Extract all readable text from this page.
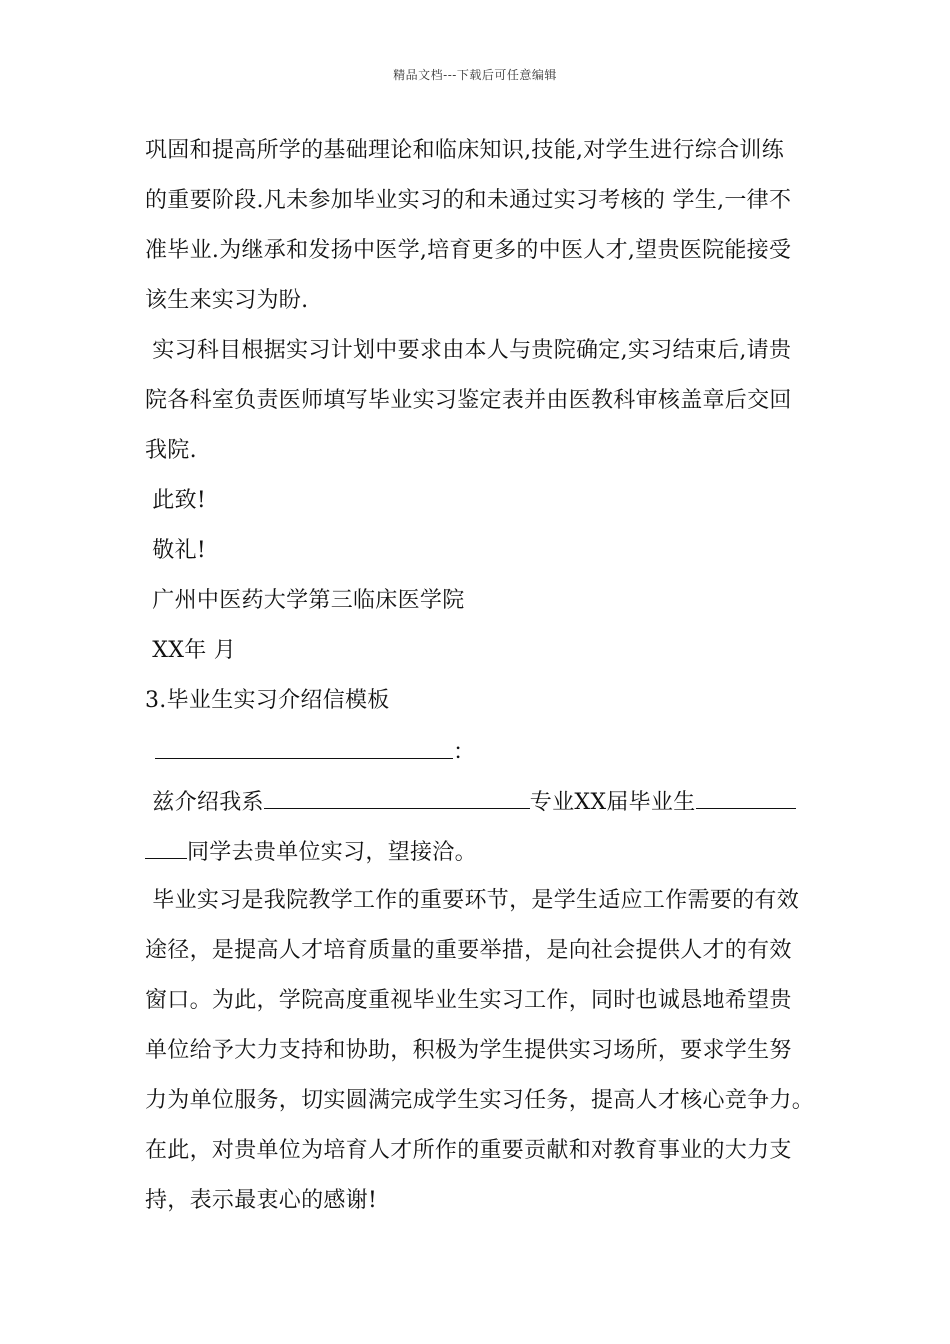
精品文档---下载后可任意编辑
巩固和提高所学的基础理论和临床知识,技能,对学生进行综合训练
的重要阶段.凡未参加毕业实习的和未通过实习考核的 学生,一律不
准毕业.为继承和发扬中医学,培育更多的中医人才,望贵医院能接受
该生来实习为盼.
实习科目根据实习计划中要求由本人与贵院确定,实习结束后,请贵
院各科室负责医师填写毕业实习鉴定表并由医教科审核盖章后交回
我院.
此致!
敬礼!
广州中医药大学第三临床医学院
XX年 月
3.毕业生实习介绍信模板
：
兹介绍我系	专业XX届毕业生
同学去贵单位实习，望接洽。
毕业实习是我院教学工作的重要环节，是学生适应工作需要的有效
途径，是提高人才培育质量的重要举措，是向社会提供人才的有效
窗口。为此，学院高度重视毕业生实习工作，同时也诚恳地希望贵
单位给予大力支持和协助，积极为学生提供实习场所，要求学生努
力为单位服务，切实圆满完成学生实习任务，提高人才核心竞争力。
在此，对贵单位为培育人才所作的重要贡献和对教育事业的大力支
持，表示最衷心的感谢!
